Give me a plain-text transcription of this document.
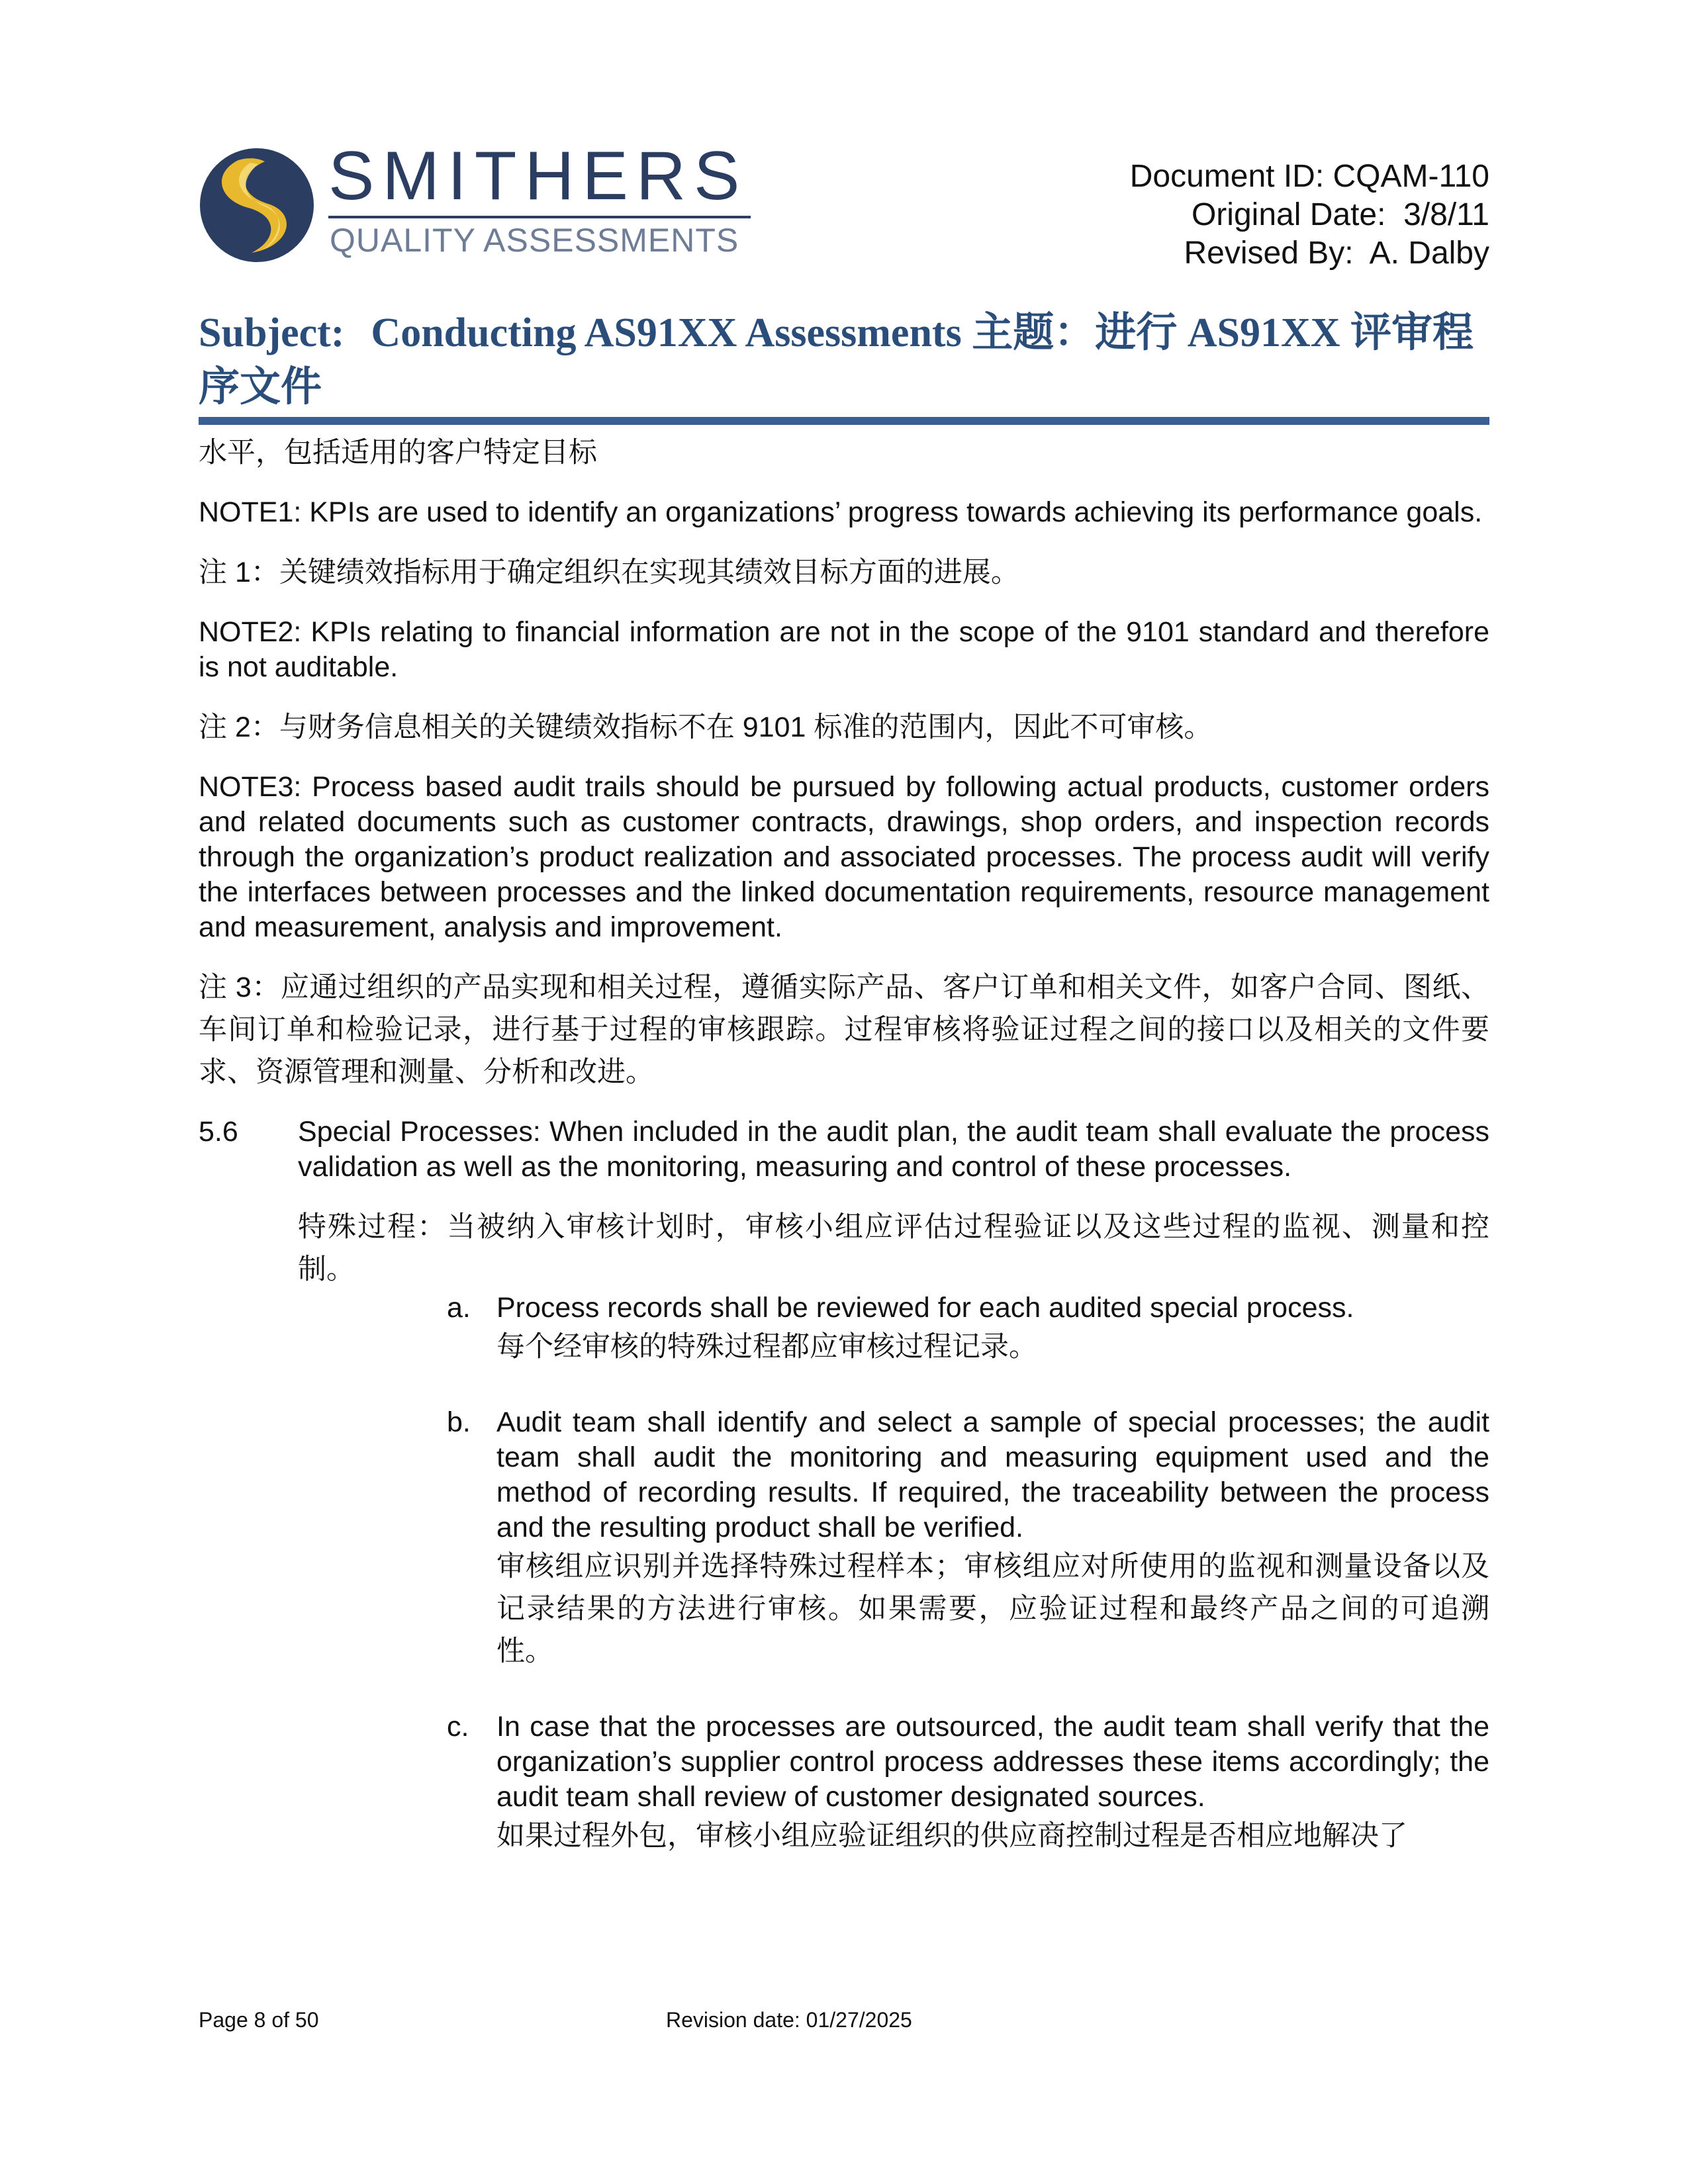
SMITHERS
QUALITY ASSESSMENTS
Document ID: CQAM-110
Original Date:  3/8/11
Revised By:  A. Dalby
Subject: Conducting AS91XX Assessments 主题：进行 AS91XX 评审程序文件

水平，包括适用的客户特定目标

NOTE1: KPIs are used to identify an organizations’ progress towards achieving its performance goals.

注 1：关键绩效指标用于确定组织在实现其绩效目标方面的进展。

NOTE2: KPIs relating to financial information are not in the scope of the 9101 standard and therefore is not auditable.

注 2：与财务信息相关的关键绩效指标不在 9101 标准的范围内，因此不可审核。

NOTE3: Process based audit trails should be pursued by following actual products, customer orders and related documents such as customer contracts, drawings, shop orders, and inspection records through the organization’s product realization and associated processes. The process audit will verify the interfaces between processes and the linked documentation requirements, resource management and measurement, analysis and improvement.

注 3：应通过组织的产品实现和相关过程，遵循实际产品、客户订单和相关文件，如客户合同、图纸、车间订单和检验记录，进行基于过程的审核跟踪。过程审核将验证过程之间的接口以及相关的文件要求、资源管理和测量、分析和改进。

5.6	Special Processes: When included in the audit plan, the audit team shall evaluate the process validation as well as the monitoring, measuring and control of these processes.

特殊过程：当被纳入审核计划时，审核小组应评估过程验证以及这些过程的监视、测量和控制。

a. Process records shall be reviewed for each audited special process.

每个经审核的特殊过程都应审核过程记录。

b. Audit team shall identify and select a sample of special processes; the audit team shall audit the monitoring and measuring equipment used and the method of recording results. If required, the traceability between the process and the resulting product shall be verified.

审核组应识别并选择特殊过程样本；审核组应对所使用的监视和测量设备以及记录结果的方法进行审核。如果需要，应验证过程和最终产品之间的可追溯性。

c. In case that the processes are outsourced, the audit team shall verify that the organization’s supplier control process addresses these items accordingly; the audit team shall review of customer designated sources.

如果过程外包，审核小组应验证组织的供应商控制过程是否相应地解决了

Page 8 of 50	Revision date: 01/27/2025
